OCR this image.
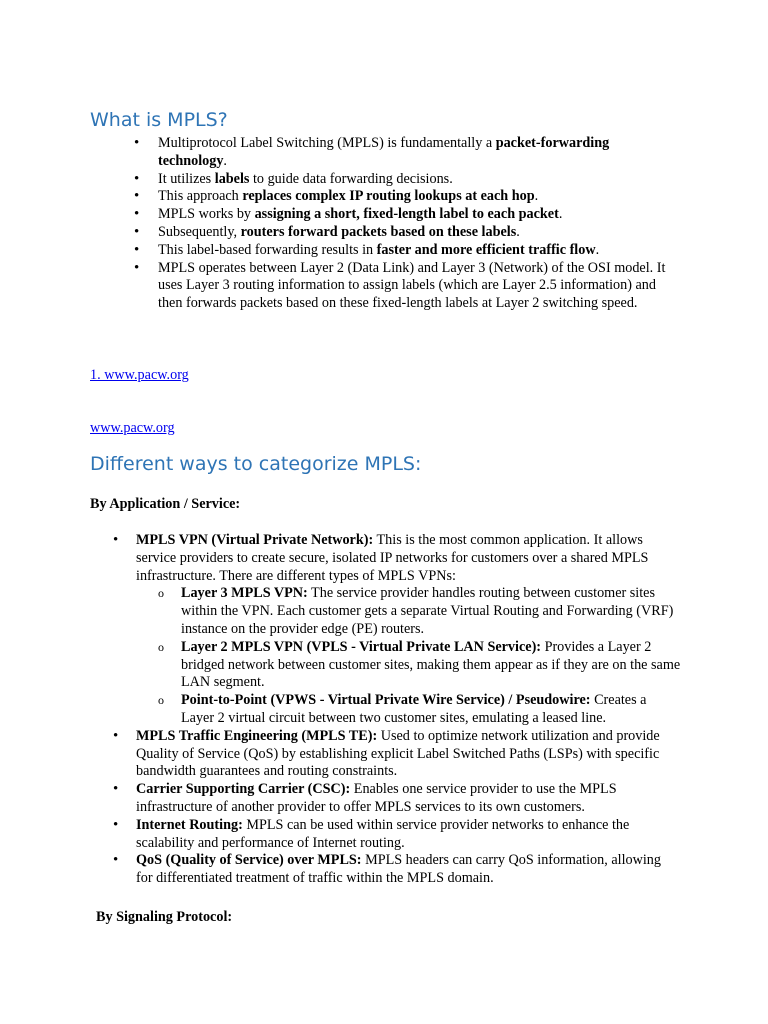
What is MPLS?
• Multiprotocol Label Switching (MPLS) is fundamentally a packet-forwarding technology.
• It utilizes labels to guide data forwarding decisions.
• This approach replaces complex IP routing lookups at each hop.
• MPLS works by assigning a short, fixed-length label to each packet.
• Subsequently, routers forward packets based on these labels.
• This label-based forwarding results in faster and more efficient traffic flow.
• MPLS operates between Layer 2 (Data Link) and Layer 3 (Network) of the OSI model. It uses Layer 3 routing information to assign labels (which are Layer 2.5 information) and then forwards packets based on these fixed-length labels at Layer 2 switching speed.
1. www.pacw.org
www.pacw.org
Different ways to categorize MPLS:

By Application / Service:

• MPLS VPN (Virtual Private Network): This is the most common application. It allows service providers to create secure, isolated IP networks for customers over a shared MPLS infrastructure. There are different types of MPLS VPNs:
o Layer 3 MPLS VPN: The service provider handles routing between customer sites within the VPN. Each customer gets a separate Virtual Routing and Forwarding (VRF) instance on the provider edge (PE) routers.
o Layer 2 MPLS VPN (VPLS - Virtual Private LAN Service): Provides a Layer 2 bridged network between customer sites, making them appear as if they are on the same LAN segment.
o Point-to-Point (VPWS - Virtual Private Wire Service) / Pseudowire: Creates a Layer 2 virtual circuit between two customer sites, emulating a leased line.
• MPLS Traffic Engineering (MPLS TE): Used to optimize network utilization and provide Quality of Service (QoS) by establishing explicit Label Switched Paths (LSPs) with specific bandwidth guarantees and routing constraints.
• Carrier Supporting Carrier (CSC): Enables one service provider to use the MPLS infrastructure of another provider to offer MPLS services to its own customers.
• Internet Routing: MPLS can be used within service provider networks to enhance the scalability and performance of Internet routing.
• QoS (Quality of Service) over MPLS: MPLS headers can carry QoS information, allowing for differentiated treatment of traffic within the MPLS domain.

By Signaling Protocol:
